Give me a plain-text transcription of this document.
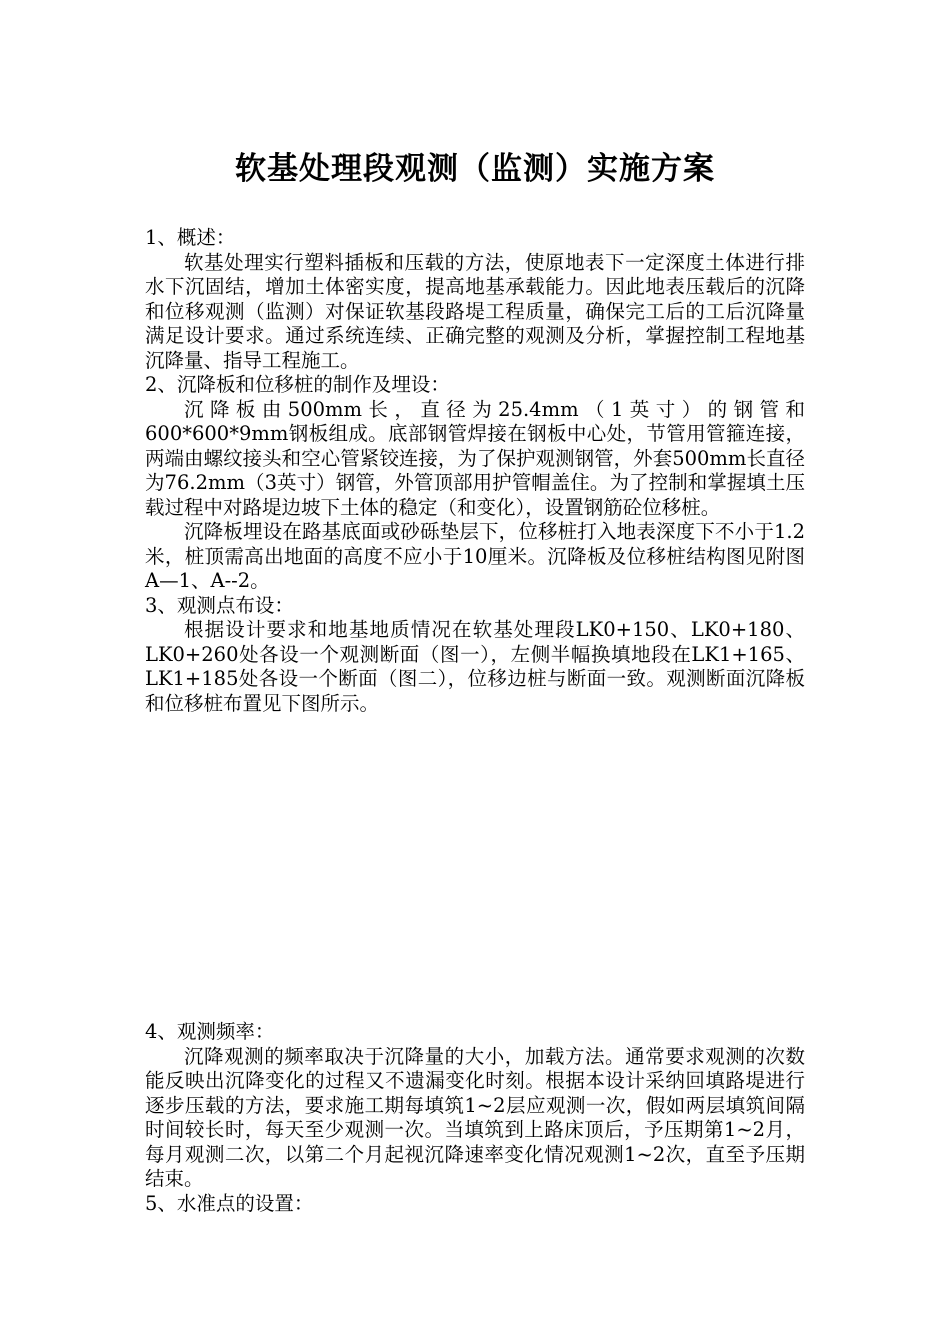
软基处理段观测（监测）实施方案

1、概述：

软基处理实行塑料插板和压载的方法，使原地表下一定深度土体进行排水下沉固结，增加土体密实度，提高地基承载能力。因此地表压载后的沉降和位移观测（监测）对保证软基段路堤工程质量，确保完工后的工后沉降量满足设计要求。通过系统连续、正确完整的观测及分析，掌握控制工程地基沉降量、指导工程施工。

2、沉降板和位移桩的制作及埋设：

沉降板由500mm长，直径为25.4mm（1英寸）的钢管和600*600*9mm钢板组成。底部钢管焊接在钢板中心处，节管用管箍连接，两端由螺纹接头和空心管紧铰连接，为了保护观测钢管，外套500mm长直径为76.2mm（3英寸）钢管，外管顶部用护管帽盖住。为了控制和掌握填土压载过程中对路堤边坡下土体的稳定（和变化），设置钢筋砼位移桩。

沉降板埋设在路基底面或砂砾垫层下，位移桩打入地表深度下不小于1.2米，桩顶需高出地面的高度不应小于10厘米。沉降板及位移桩结构图见附图A—1、A--2。

3、观测点布设：

根据设计要求和地基地质情况在软基处理段LK0+150、LK0+180、LK0+260处各设一个观测断面（图一），左侧半幅换填地段在LK1+165、LK1+185处各设一个断面（图二），位移边桩与断面一致。观测断面沉降板和位移桩布置见下图所示。

4、观测频率：

沉降观测的频率取决于沉降量的大小，加载方法。通常要求观测的次数能反映出沉降变化的过程又不遗漏变化时刻。根据本设计采纳回填路堤进行逐步压载的方法，要求施工期每填筑1~2层应观测一次，假如两层填筑间隔时间较长时，每天至少观测一次。当填筑到上路床顶后，予压期第1~2月，每月观测二次，以第二个月起视沉降速率变化情况观测1~2次，直至予压期结束。

5、水准点的设置：
